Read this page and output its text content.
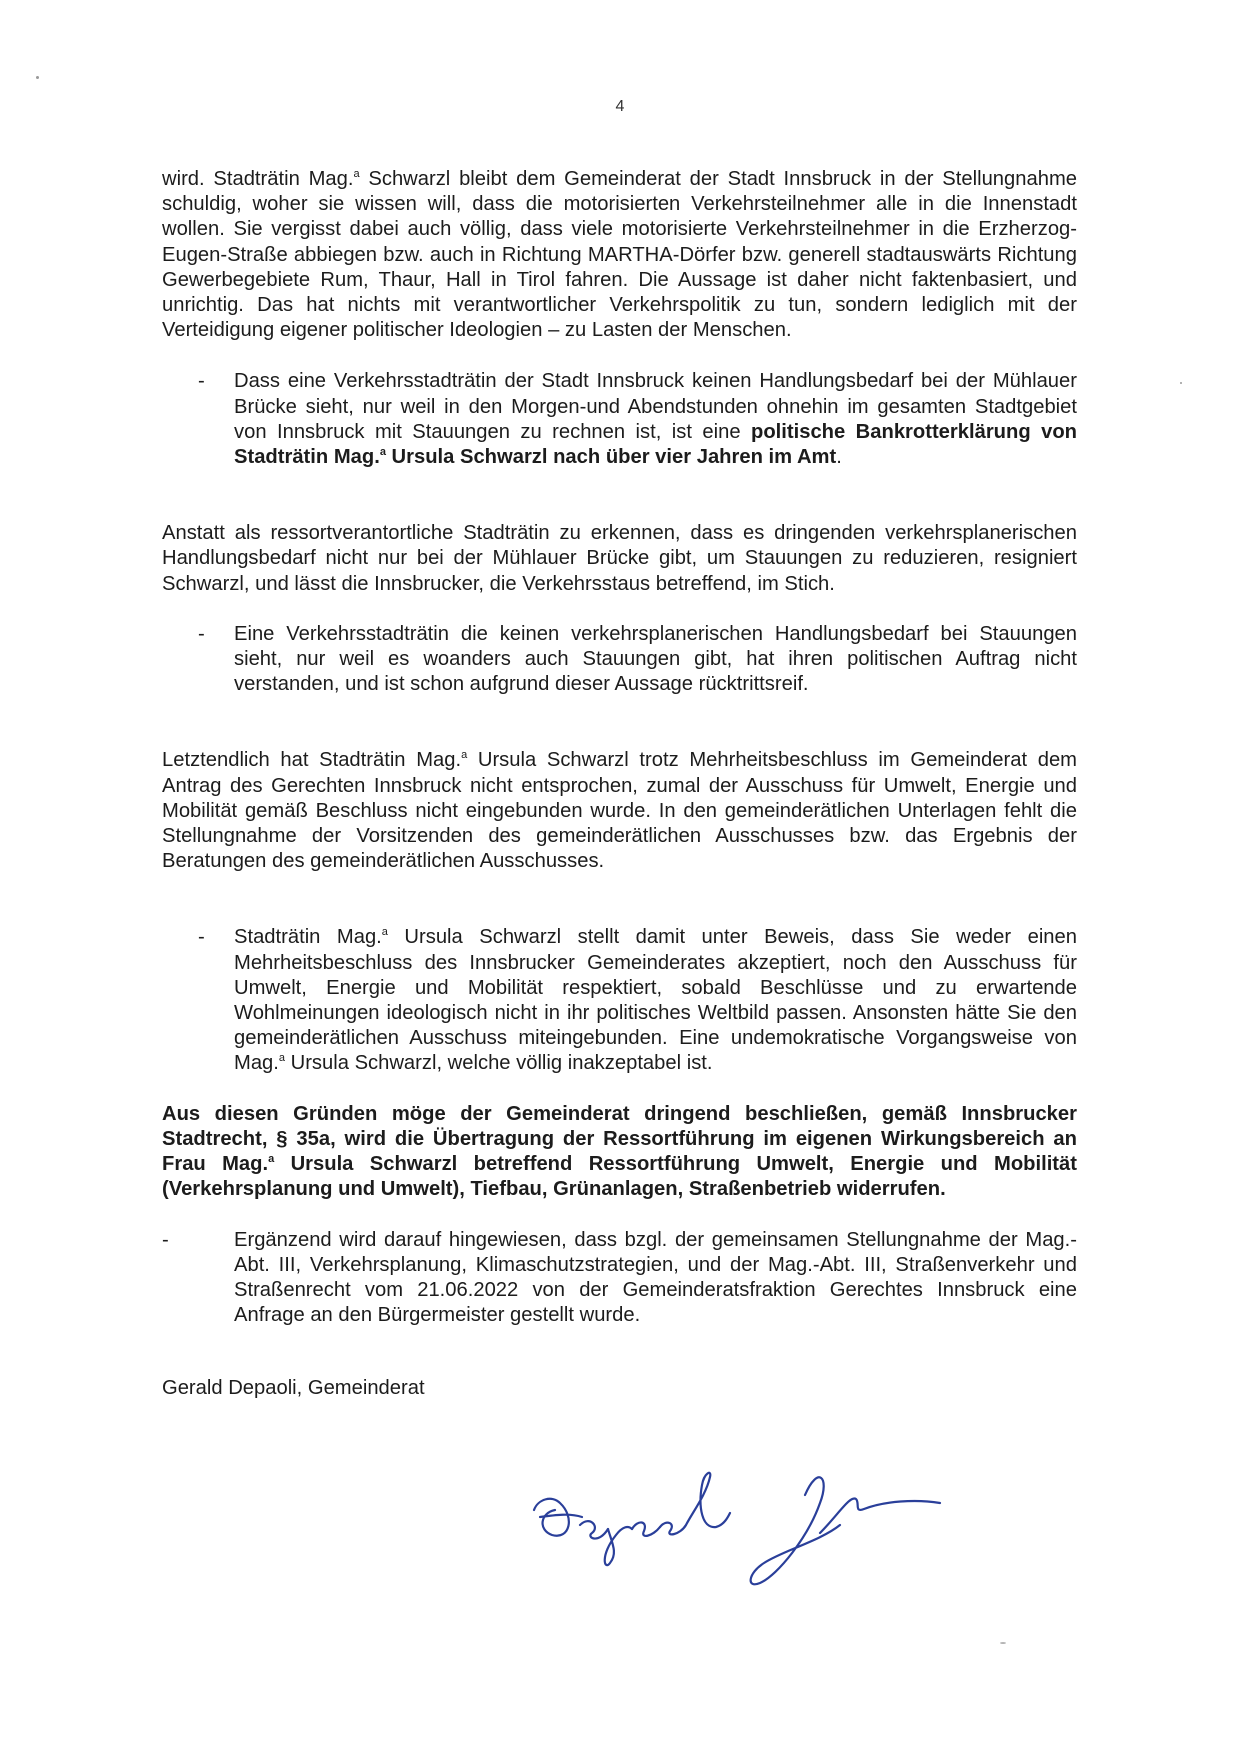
4

wird. Stadträtin Mag.$^a$ Schwarzl bleibt dem Gemeinderat der Stadt Innsbruck in der Stellungnahme schuldig, woher sie wissen will, dass die motorisierten Verkehrsteilnehmer alle in die Innenstadt wollen. Sie vergisst dabei auch völlig, dass viele motorisierte Verkehrsteilnehmer in die Erzherzog-Eugen-Straße abbiegen bzw. auch in Richtung MARTHA-Dörfer bzw. generell stadtauswärts Richtung Gewerbegebiete Rum, Thaur, Hall in Tirol fahren. Die Aussage ist daher nicht faktenbasiert, und unrichtig. Das hat nichts mit verantwortlicher Verkehrspolitik zu tun, sondern lediglich mit der Verteidigung eigener politischer Ideologien – zu Lasten der Menschen.

- Dass eine Verkehrsstadträtin der Stadt Innsbruck keinen Handlungsbedarf bei der Mühlauer Brücke sieht, nur weil in den Morgen-und Abendstunden ohnehin im gesamten Stadtgebiet von Innsbruck mit Stauungen zu rechnen ist, ist eine politische Bankrotterklärung von Stadträtin Mag.$^a$ Ursula Schwarzl nach über vier Jahren im Amt.

Anstatt als ressortverantortliche Stadträtin zu erkennen, dass es dringenden verkehrsplanerischen Handlungsbedarf nicht nur bei der Mühlauer Brücke gibt, um Stauungen zu reduzieren, resigniert Schwarzl, und lässt die Innsbrucker, die Verkehrsstaus betreffend, im Stich.

- Eine Verkehrsstadträtin die keinen verkehrsplanerischen Handlungsbedarf bei Stauungen sieht, nur weil es woanders auch Stauungen gibt, hat ihren politischen Auftrag nicht verstanden, und ist schon aufgrund dieser Aussage rücktrittsreif.

Letztendlich hat Stadträtin Mag.$^a$ Ursula Schwarzl trotz Mehrheitsbeschluss im Gemeinderat dem Antrag des Gerechten Innsbruck nicht entsprochen, zumal der Ausschuss für Umwelt, Energie und Mobilität gemäß Beschluss nicht eingebunden wurde. In den gemeinderätlichen Unterlagen fehlt die Stellungnahme der Vorsitzenden des gemeinderätlichen Ausschusses bzw. das Ergebnis der Beratungen des gemeinderätlichen Ausschusses.

- Stadträtin Mag.$^a$ Ursula Schwarzl stellt damit unter Beweis, dass Sie weder einen Mehrheitsbeschluss des Innsbrucker Gemeinderates akzeptiert, noch den Ausschuss für Umwelt, Energie und Mobilität respektiert, sobald Beschlüsse und zu erwartende Wohlmeinungen ideologisch nicht in ihr politisches Weltbild passen. Ansonsten hätte Sie den gemeinderätlichen Ausschuss miteingebunden. Eine undemokratische Vorgangsweise von Mag.$^a$ Ursula Schwarzl, welche völlig inakzeptabel ist.

Aus diesen Gründen möge der Gemeinderat dringend beschließen, gemäß Innsbrucker Stadtrecht, § 35a, wird die Übertragung der Ressortführung im eigenen Wirkungsbereich an Frau Mag.$^a$ Ursula Schwarzl betreffend Ressortführung Umwelt, Energie und Mobilität (Verkehrsplanung und Umwelt), Tiefbau, Grünanlagen, Straßenbetrieb widerrufen.

-	Ergänzend wird darauf hingewiesen, dass bzgl. der gemeinsamen Stellungnahme der Mag.-Abt. III, Verkehrsplanung, Klimaschutzstrategien, und der Mag.-Abt. III, Straßenverkehr und Straßenrecht vom 21.06.2022 von der Gemeinderatsfraktion Gerechtes Innsbruck eine Anfrage an den Bürgermeister gestellt wurde.

Gerald Depaoli, Gemeinderat
